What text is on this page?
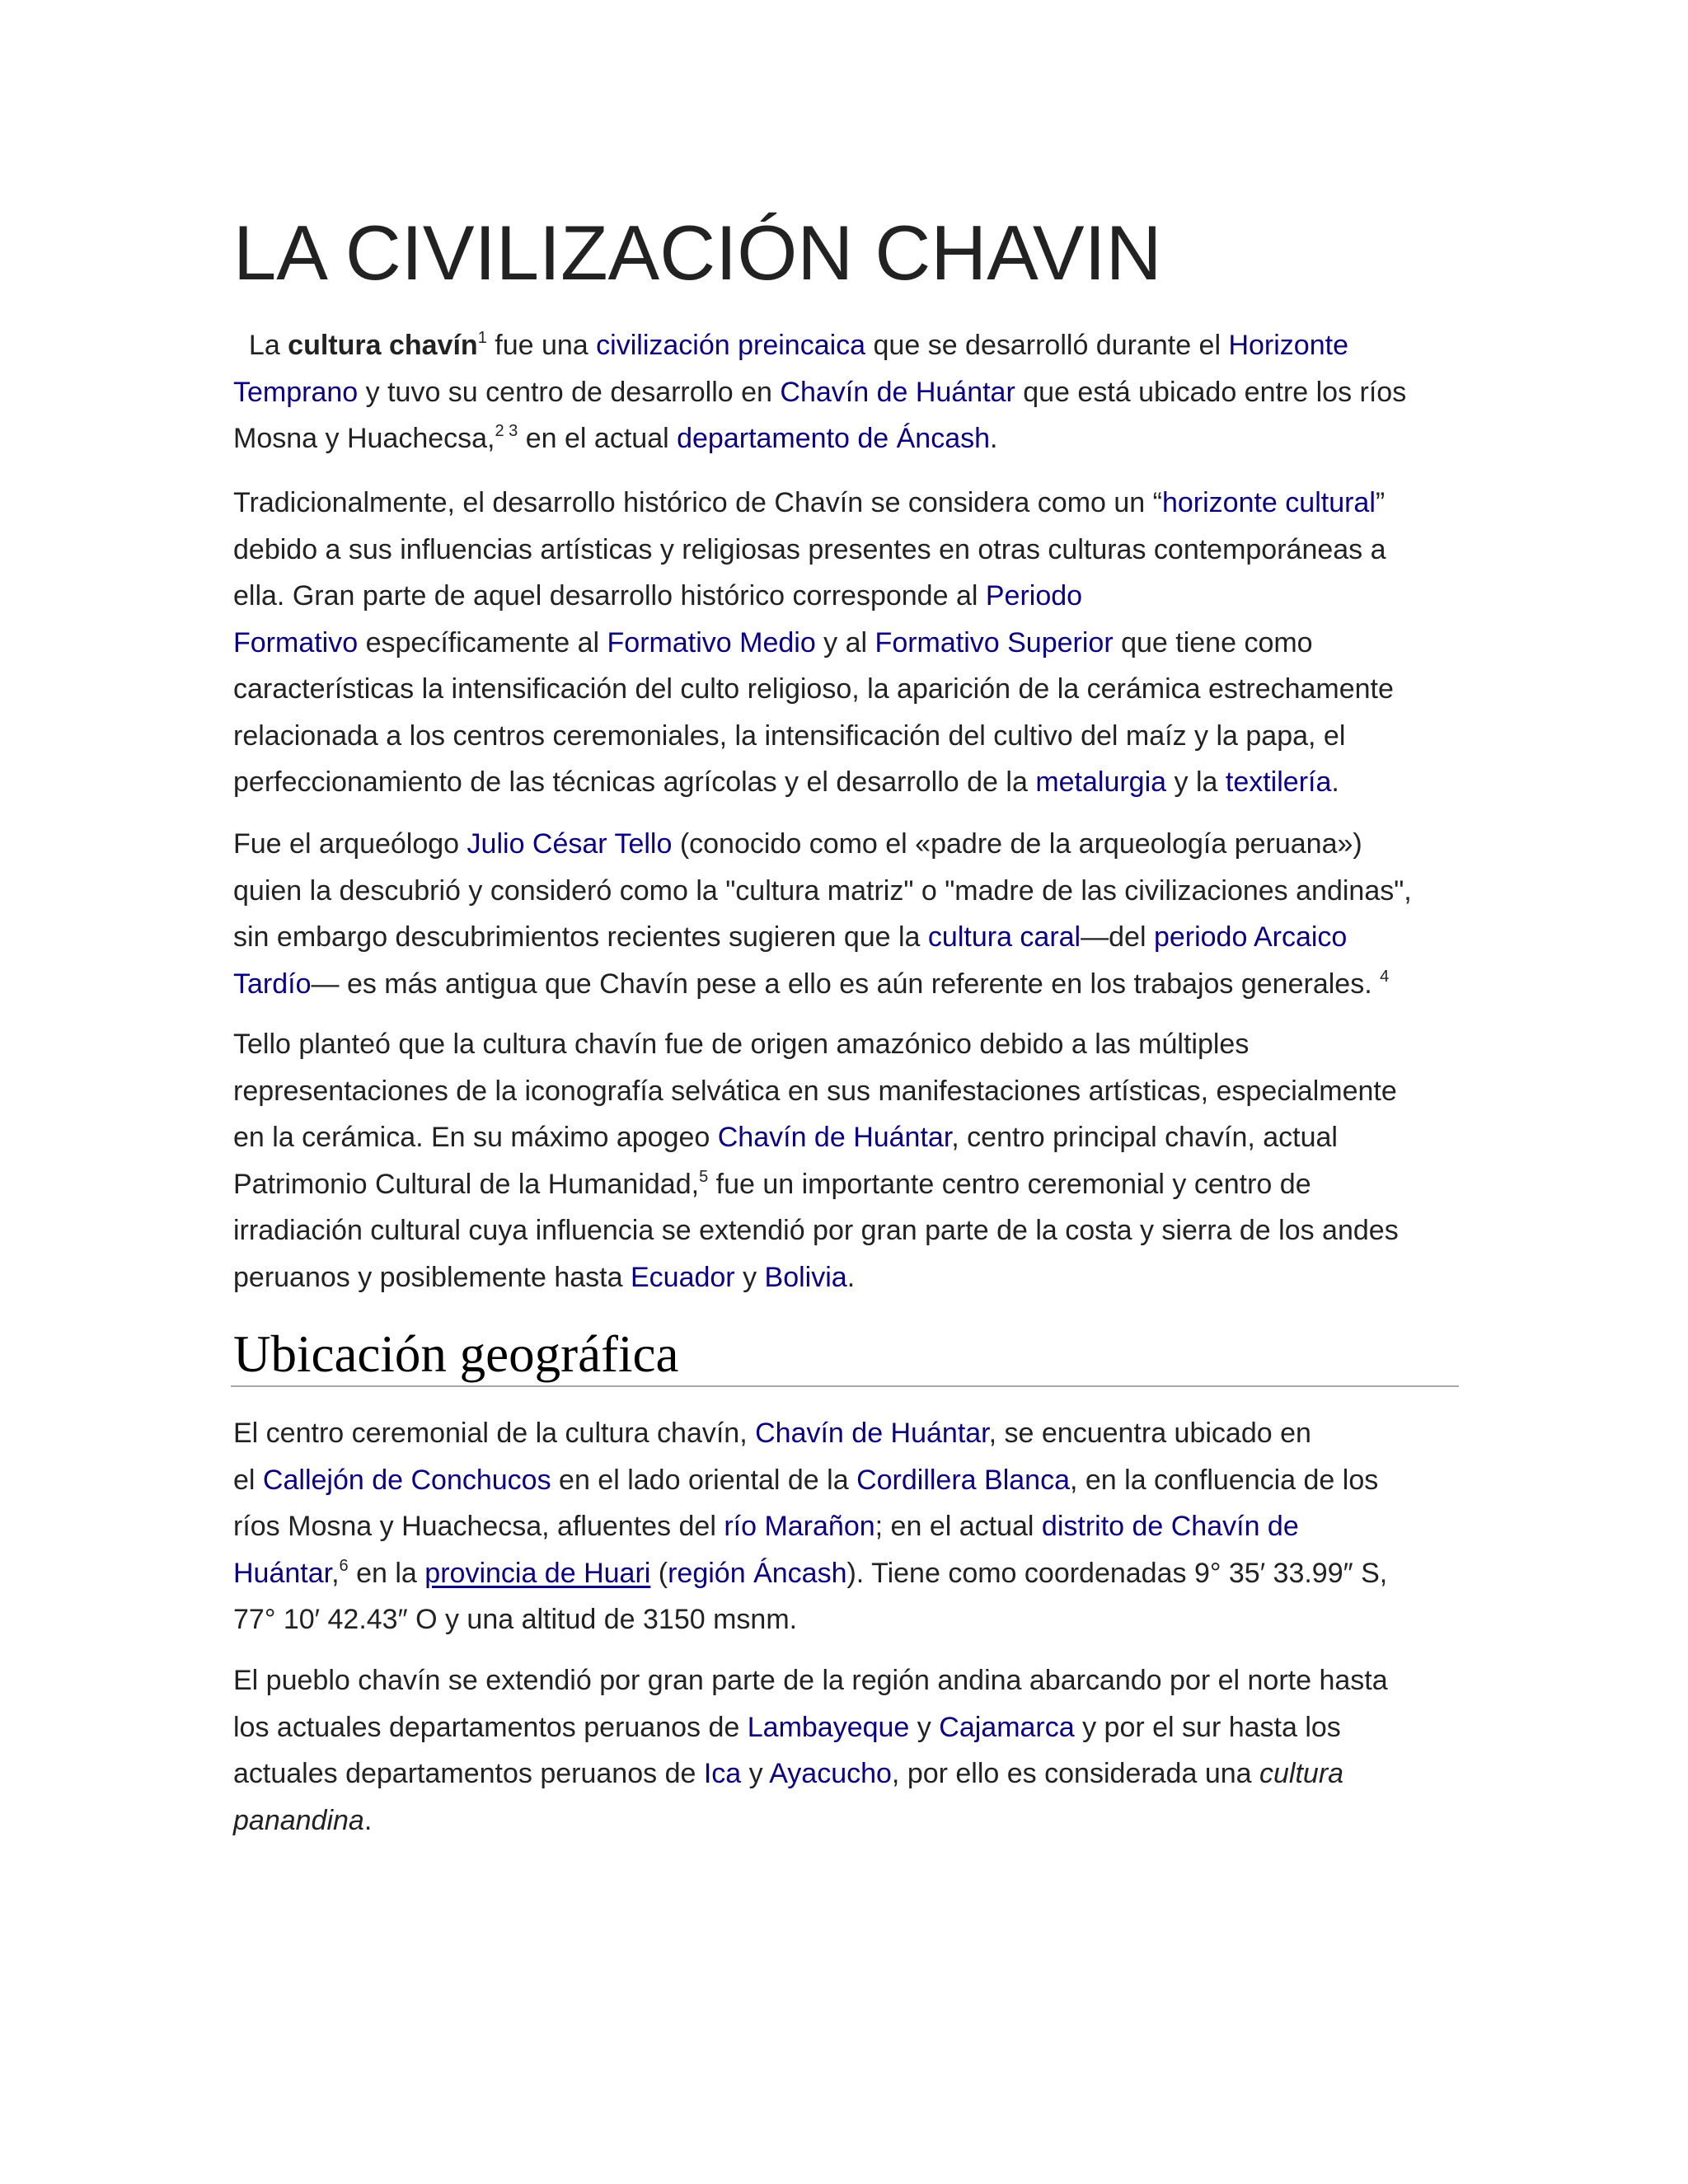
LA CIVILIZACIÓN CHAVIN
La cultura chavín$^1$ fue una civilización preincaica que se desarrolló durante el Horizonte
Temprano y tuvo su centro de desarrollo en Chavín de Huántar que está ubicado entre los ríos
Mosna y Huachecsa,$^{2 3}$ en el actual departamento de Áncash.
Tradicionalmente, el desarrollo histórico de Chavín se considera como un “horizonte cultural”
debido a sus influencias artísticas y religiosas presentes en otras culturas contemporáneas a
ella. Gran parte de aquel desarrollo histórico corresponde al Periodo
Formativo específicamente al Formativo Medio y al Formativo Superior que tiene como
características la intensificación del culto religioso, la aparición de la cerámica estrechamente
relacionada a los centros ceremoniales, la intensificación del cultivo del maíz y la papa, el
perfeccionamiento de las técnicas agrícolas y el desarrollo de la metalurgia y la textilería.
Fue el arqueólogo Julio César Tello (conocido como el «padre de la arqueología peruana»)
quien la descubrió y consideró como la "cultura matriz" o "madre de las civilizaciones andinas",
sin embargo descubrimientos recientes sugieren que la cultura caral—del periodo Arcaico
Tardío— es más antigua que Chavín pese a ello es aún referente en los trabajos generales. $^4$
Tello planteó que la cultura chavín fue de origen amazónico debido a las múltiples
representaciones de la iconografía selvática en sus manifestaciones artísticas, especialmente
en la cerámica. En su máximo apogeo Chavín de Huántar, centro principal chavín, actual
Patrimonio Cultural de la Humanidad,$^5$ fue un importante centro ceremonial y centro de
irradiación cultural cuya influencia se extendió por gran parte de la costa y sierra de los andes
peruanos y posiblemente hasta Ecuador y Bolivia.
Ubicación geográfica
El centro ceremonial de la cultura chavín, Chavín de Huántar, se encuentra ubicado en
el Callejón de Conchucos en el lado oriental de la Cordillera Blanca, en la confluencia de los
ríos Mosna y Huachecsa, afluentes del río Marañon; en el actual distrito de Chavín de
Huántar,$^6$ en la provincia de Huari (región Áncash). Tiene como coordenadas 9° 35′ 33.99″ S,
77° 10′ 42.43″ O y una altitud de 3150 msnm.
El pueblo chavín se extendió por gran parte de la región andina abarcando por el norte hasta
los actuales departamentos peruanos de Lambayeque y Cajamarca y por el sur hasta los
actuales departamentos peruanos de Ica y Ayacucho, por ello es considerada una cultura
panandina.
